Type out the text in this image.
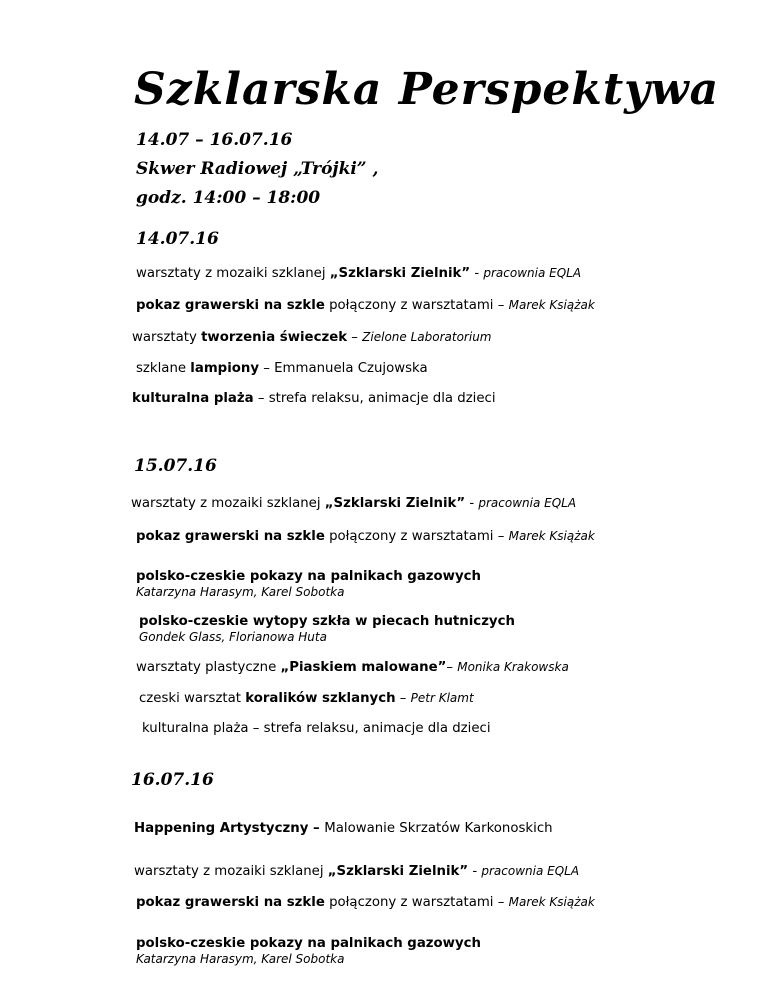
Szklarska Perspektywa
14.07 – 16.07.16
Skwer Radiowej „Trójki” ,
godz. 14:00 – 18:00
14.07.16
warsztaty z mozaiki szklanej „Szklarski Zielnik” - pracownia EQLA
pokaz grawerski na szkle połączony z warsztatami – Marek Książak
warsztaty tworzenia świeczek – Zielone Laboratorium
szklane lampiony – Emmanuela Czujowska
kulturalna plaża – strefa relaksu, animacje dla dzieci
15.07.16
warsztaty z mozaiki szklanej „Szklarski Zielnik” - pracownia EQLA
pokaz grawerski na szkle połączony z warsztatami – Marek Książak
polsko-czeskie pokazy na palnikach gazowych
Katarzyna Harasym, Karel Sobotka
polsko-czeskie wytopy szkła w piecach hutniczych
Gondek Glass, Florianowa Huta
warsztaty plastyczne „Piaskiem malowane”– Monika Krakowska
czeski warsztat koralików szklanych – Petr Klamt
kulturalna plaża – strefa relaksu, animacje dla dzieci
16.07.16
Happening Artystyczny – Malowanie Skrzatów Karkonoskich
warsztaty z mozaiki szklanej „Szklarski Zielnik” - pracownia EQLA
pokaz grawerski na szkle połączony z warsztatami – Marek Książak
polsko-czeskie pokazy na palnikach gazowych
Katarzyna Harasym, Karel Sobotka
